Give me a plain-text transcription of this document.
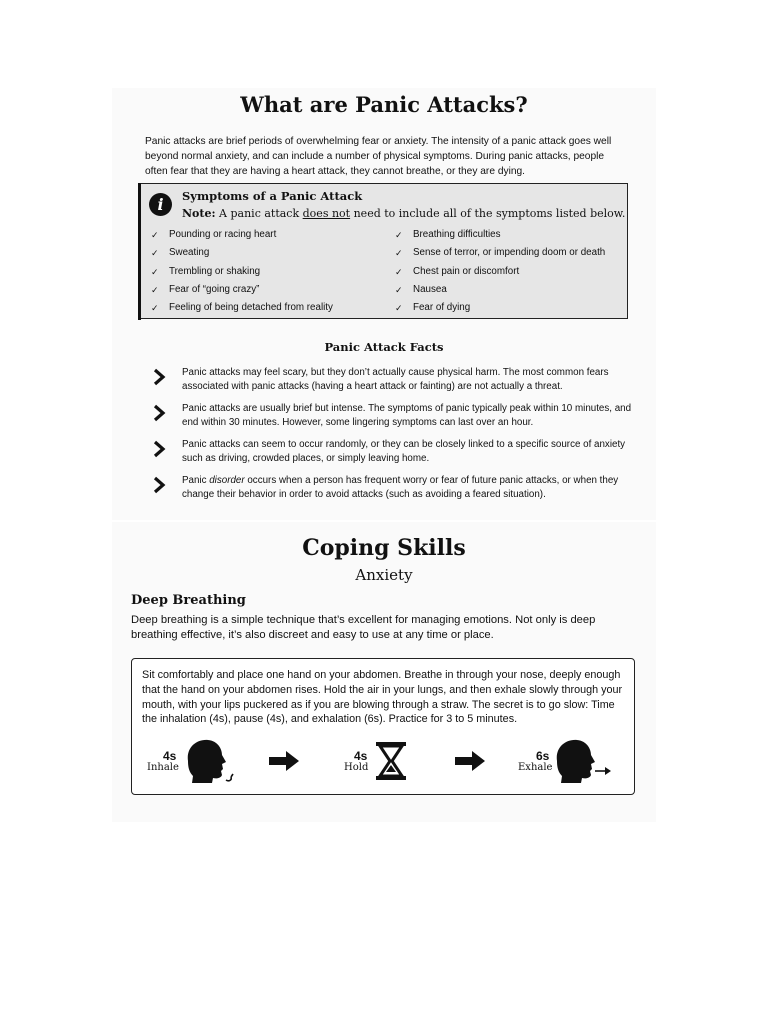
What are Panic Attacks?
Panic attacks are brief periods of overwhelming fear or anxiety. The intensity of a panic attack goes well beyond normal anxiety, and can include a number of physical symptoms. During panic attacks, people often fear that they are having a heart attack, they cannot breathe, or they are dying.
i	Symptoms of a Panic Attack
Note: A panic attack does not need to include all of the symptoms listed below.
✓ Pounding or racing heart
✓ Sweating
✓ Trembling or shaking
✓ Fear of “going crazy”
✓ Feeling of being detached from reality
✓ Breathing difficulties
✓ Sense of terror, or impending doom or death
✓ Chest pain or discomfort
✓ Nausea
✓ Fear of dying
Panic Attack Facts
Panic attacks may feel scary, but they don’t actually cause physical harm. The most common fears associated with panic attacks (having a heart attack or fainting) are not actually a threat.
Panic attacks are usually brief but intense. The symptoms of panic typically peak within 10 minutes, and end within 30 minutes. However, some lingering symptoms can last over an hour.
Panic attacks can seem to occur randomly, or they can be closely linked to a specific source of anxiety such as driving, crowded places, or simply leaving home.
Panic disorder occurs when a person has frequent worry or fear of future panic attacks, or when they change their behavior in order to avoid attacks (such as avoiding a feared situation).
Coping Skills
Anxiety
Deep Breathing
Deep breathing is a simple technique that’s excellent for managing emotions. Not only is deep breathing effective, it’s also discreet and easy to use at any time or place.
Sit comfortably and place one hand on your abdomen. Breathe in through your nose, deeply enough that the hand on your abdomen rises. Hold the air in your lungs, and then exhale slowly through your mouth, with your lips puckered as if you are blowing through a straw. The secret is to go slow: Time the inhalation (4s), pause (4s), and exhalation (6s). Practice for 3 to 5 minutes.
4s
Inhale
4s
Hold
6s
Exhale
